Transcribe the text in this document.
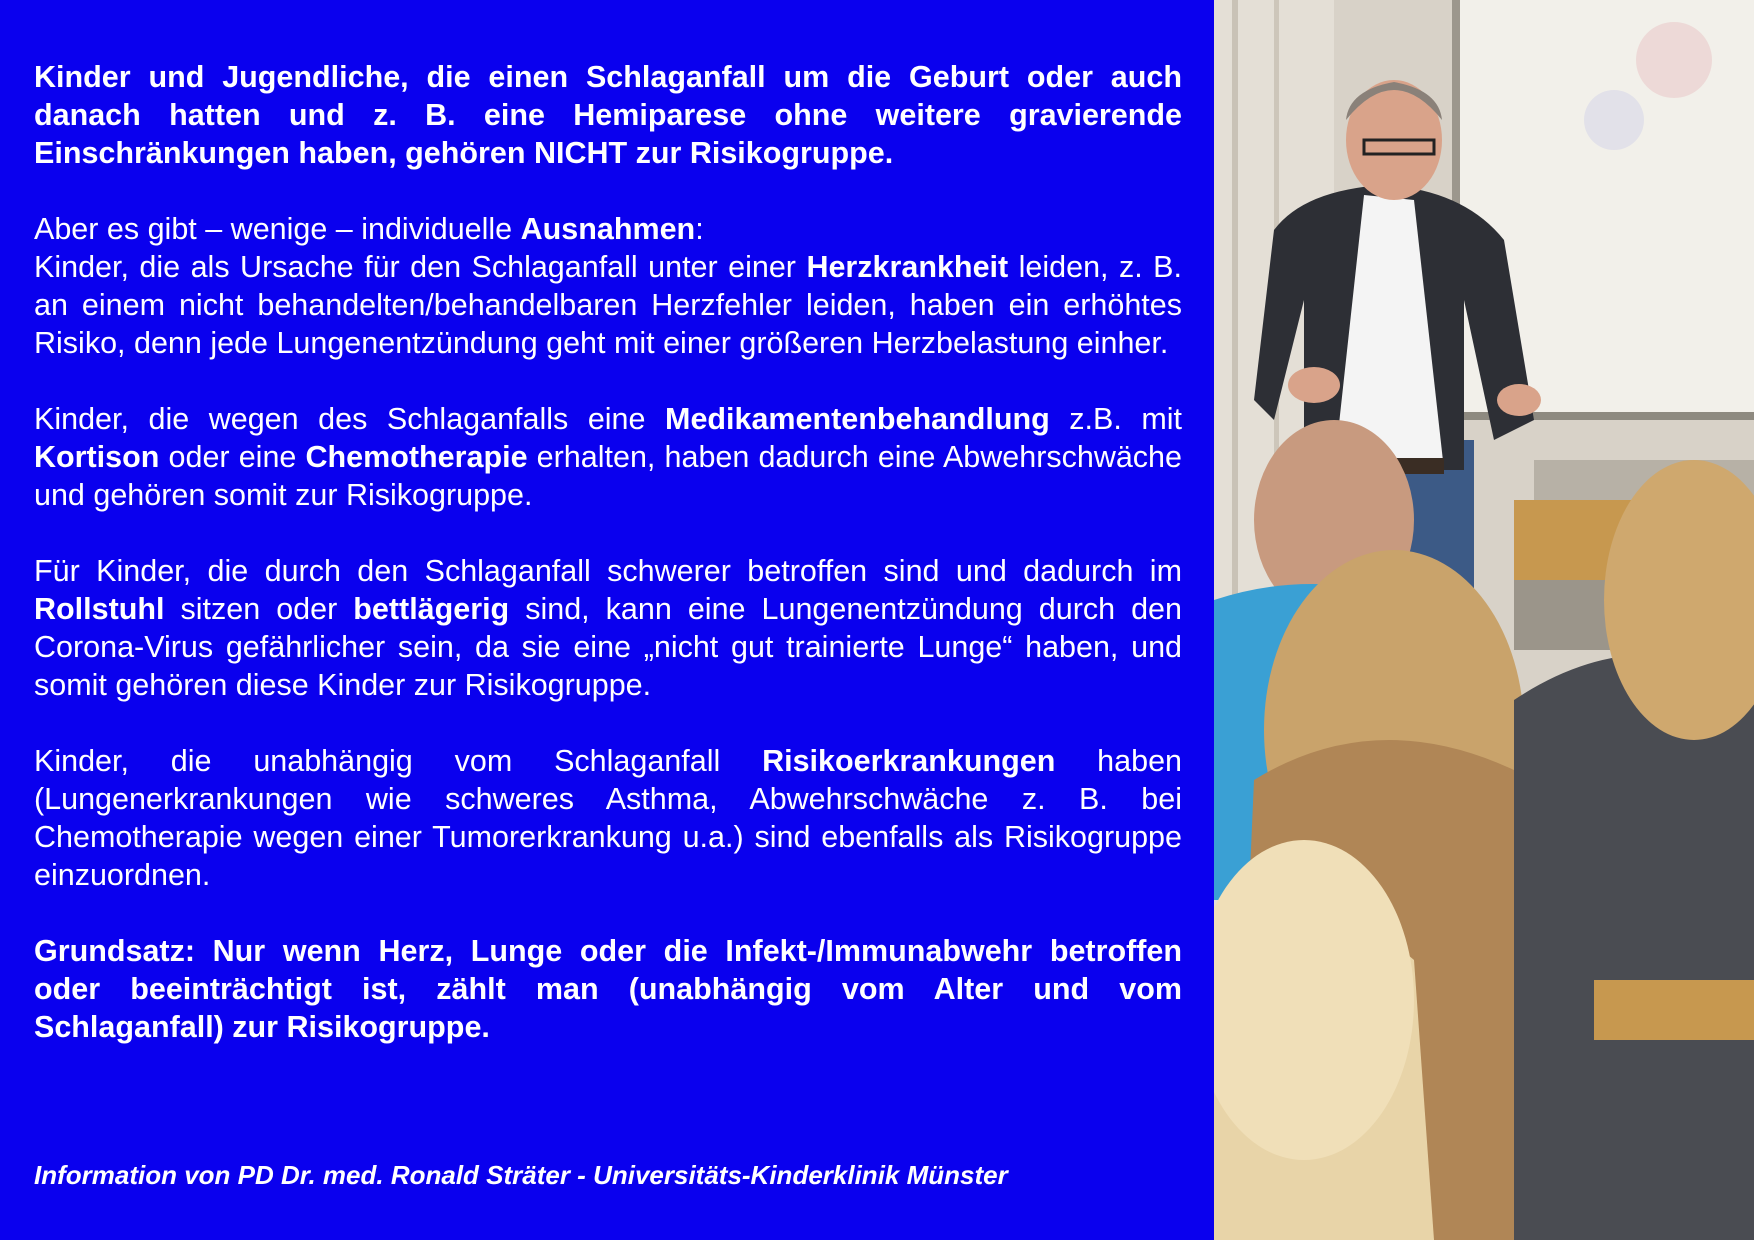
Kinder und Jugendliche, die einen Schlaganfall um die Geburt oder auch danach hatten und z. B. eine Hemiparese ohne weitere gravierende Einschränkungen haben, gehören NICHT zur Risikogruppe.

Aber es gibt – wenige – individuelle Ausnahmen:

Kinder, die als Ursache für den Schlaganfall unter einer Herzkrankheit leiden, z. B. an einem nicht behandelten/behandelbaren Herzfehler leiden, haben ein erhöhtes Risiko, denn jede Lungenentzündung geht mit einer größeren Herzbelastung einher.

Kinder, die wegen des Schlaganfalls eine Medikamentenbehandlung z.B. mit Kortison oder eine Chemotherapie erhalten, haben dadurch eine Abwehrschwäche und gehören somit zur Risikogruppe.

Für Kinder, die durch den Schlaganfall schwerer betroffen sind und dadurch im Rollstuhl sitzen oder bettlägerig sind, kann eine Lungenentzündung durch den Corona-Virus gefährlicher sein, da sie eine „nicht gut trainierte Lunge“ haben, und somit gehören diese Kinder zur Risikogruppe.

Kinder, die unabhängig vom Schlaganfall Risikoerkrankungen haben (Lungenerkrankungen wie schweres Asthma, Abwehrschwäche z. B. bei Chemotherapie wegen einer Tumorerkrankung u.a.) sind ebenfalls als Risikogruppe einzuordnen.

Grundsatz: Nur wenn Herz, Lunge oder die Infekt-/Immunabwehr betroffen oder beeinträchtigt ist, zählt man (unabhängig vom Alter und vom Schlaganfall) zur Risikogruppe.

Information von PD Dr. med. Ronald Sträter - Universitäts-Kinderklinik Münster
